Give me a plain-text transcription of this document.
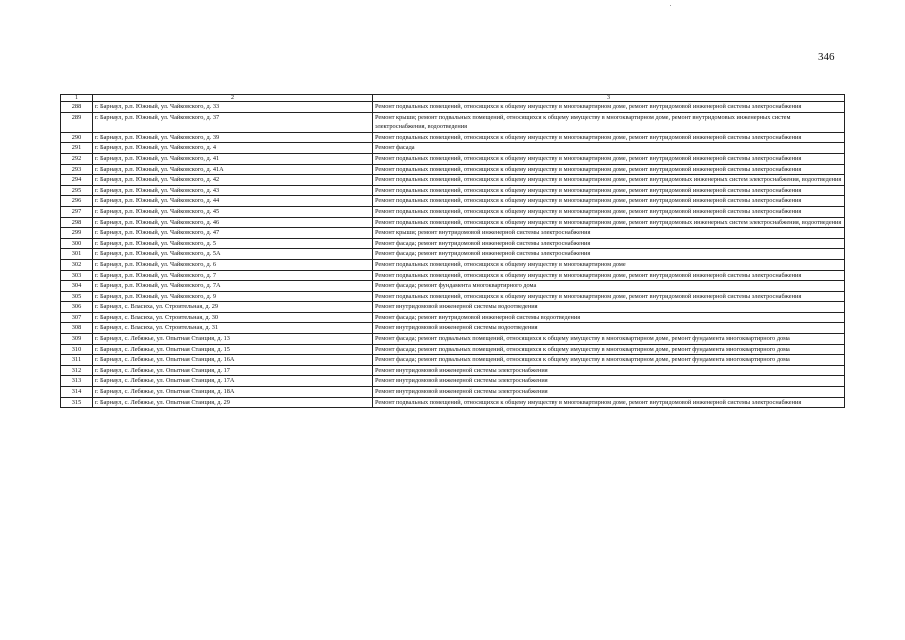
346
1	2	3
288	г. Барнаул, р.п. Южный, ул. Чайковского, д. 33	Ремонт подвальных помещений, относящихся к общему имуществу в многоквартирном доме, ремонт внутридомовой инженерной системы электроснабжения
289	г. Барнаул, р.п. Южный, ул. Чайковского, д. 37	Ремонт крыши; ремонт подвальных помещений, относящихся к общему имуществу в многоквартирном доме, ремонт внутридомовых инженерных систем электроснабжения, водоотведения
290	г. Барнаул, р.п. Южный, ул. Чайковского, д. 39	Ремонт подвальных помещений, относящихся к общему имуществу в многоквартирном доме, ремонт внутридомовой инженерной системы электроснабжения
291	г. Барнаул, р.п. Южный, ул. Чайковского, д. 4	Ремонт фасада
292	г. Барнаул, р.п. Южный, ул. Чайковского, д. 41	Ремонт подвальных помещений, относящихся к общему имуществу в многоквартирном доме, ремонт внутридомовой инженерной системы электроснабжения
293	г. Барнаул, р.п. Южный, ул. Чайковского, д. 41А	Ремонт подвальных помещений, относящихся к общему имуществу в многоквартирном доме, ремонт внутридомовой инженерной системы электроснабжения
294	г. Барнаул, р.п. Южный, ул. Чайковского, д. 42	Ремонт подвальных помещений, относящихся к общему имуществу в многоквартирном доме, ремонт внутридомовых инженерных систем электроснабжения, водоотведения
295	г. Барнаул, р.п. Южный, ул. Чайковского, д. 43	Ремонт подвальных помещений, относящихся к общему имуществу в многоквартирном доме, ремонт внутридомовой инженерной системы электроснабжения
296	г. Барнаул, р.п. Южный, ул. Чайковского, д. 44	Ремонт подвальных помещений, относящихся к общему имуществу в многоквартирном доме, ремонт внутридомовой инженерной системы электроснабжения
297	г. Барнаул, р.п. Южный, ул. Чайковского, д. 45	Ремонт подвальных помещений, относящихся к общему имуществу в многоквартирном доме, ремонт внутридомовой инженерной системы электроснабжения
298	г. Барнаул, р.п. Южный, ул. Чайковского, д. 46	Ремонт подвальных помещений, относящихся к общему имуществу в многоквартирном доме, ремонт внутридомовых инженерных систем электроснабжения, водоотведения
299	г. Барнаул, р.п. Южный, ул. Чайковского, д. 47	Ремонт крыши; ремонт внутридомовой инженерной системы электроснабжения
300	г. Барнаул, р.п. Южный, ул. Чайковского, д. 5	Ремонт фасада; ремонт внутридомовой инженерной системы электроснабжения
301	г. Барнаул, р.п. Южный, ул. Чайковского, д. 5А	Ремонт фасада; ремонт внутридомовой инженерной системы электроснабжения
302	г. Барнаул, р.п. Южный, ул. Чайковского, д. 6	Ремонт подвальных помещений, относящихся к общему имуществу в многоквартирном доме
303	г. Барнаул, р.п. Южный, ул. Чайковского, д. 7	Ремонт подвальных помещений, относящихся к общему имуществу в многоквартирном доме, ремонт внутридомовой инженерной системы электроснабжения
304	г. Барнаул, р.п. Южный, ул. Чайковского, д. 7А	Ремонт фасада; ремонт фундамента многоквартирного дома
305	г. Барнаул, р.п. Южный, ул. Чайковского, д. 9	Ремонт подвальных помещений, относящихся к общему имуществу в многоквартирном доме, ремонт внутридомовой инженерной системы электроснабжения
306	г. Барнаул, с. Власиха, ул. Строительная, д. 29	Ремонт внутридомовой инженерной системы водоотведения
307	г. Барнаул, с. Власиха, ул. Строительная, д. 30	Ремонт фасада; ремонт внутридомовой инженерной системы водоотведения
308	г. Барнаул, с. Власиха, ул. Строительная, д. 31	Ремонт внутридомовой инженерной системы водоотведения
309	г. Барнаул, с. Лебяжье, ул. Опытная Станция, д. 13	Ремонт фасада; ремонт подвальных помещений, относящихся к общему имуществу в многоквартирном доме, ремонт фундамента многоквартирного дома
310	г. Барнаул, с. Лебяжье, ул. Опытная Станция, д. 15	Ремонт фасада; ремонт подвальных помещений, относящихся к общему имуществу в многоквартирном доме, ремонт фундамента многоквартирного дома
311	г. Барнаул, с. Лебяжье, ул. Опытная Станция, д. 16А	Ремонт фасада; ремонт подвальных помещений, относящихся к общему имуществу в многоквартирном доме, ремонт фундамента многоквартирного дома
312	г. Барнаул, с. Лебяжье, ул. Опытная Станция, д. 17	Ремонт внутридомовой инженерной системы электроснабжения
313	г. Барнаул, с. Лебяжье, ул. Опытная Станция, д. 17А	Ремонт внутридомовой инженерной системы электроснабжения
314	г. Барнаул, с. Лебяжье, ул. Опытная Станция, д. 18А	Ремонт внутридомовой инженерной системы электроснабжения
315	г. Барнаул, с. Лебяжье, ул. Опытная Станция, д. 29	Ремонт подвальных помещений, относящихся к общему имуществу в многоквартирном доме, ремонт внутридомовой инженерной системы электроснабжения
